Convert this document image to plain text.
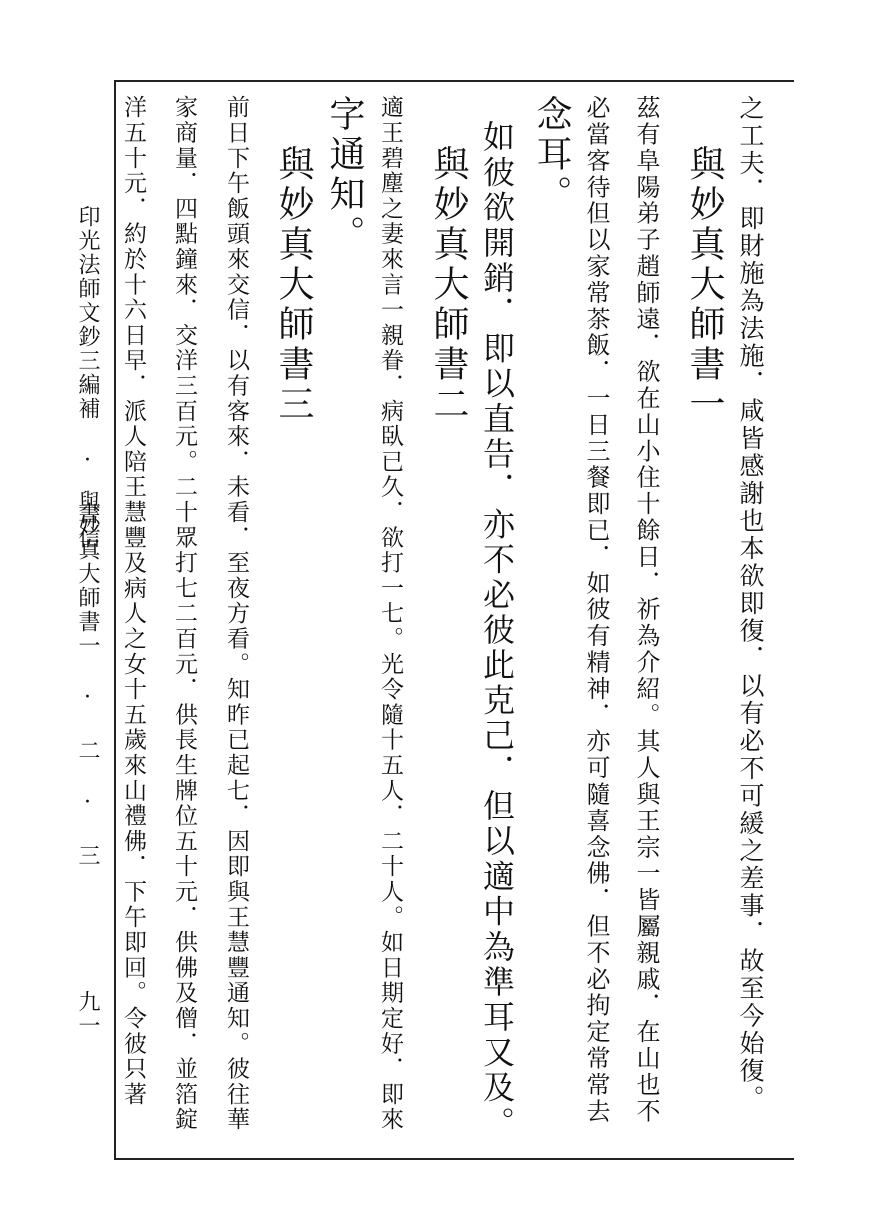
之工夫．即財施為法施．咸皆感謝也本欲即復．以有必不可緩之差事．故至今始復。
與妙真大師書一
茲有阜陽弟子趙師遠．欲在山小住十餘日．祈為介紹。其人與王宗一皆屬親戚．在山也不
必當客待但以家常茶飯．一日三餐即已．如彼有精神．亦可隨喜念佛．但不必拘定常常去
念耳。
如彼欲開銷．即以直告．亦不必彼此克己．但以適中為準耳又及。
與妙真大師書二
適王碧塵之妻來言一親眷．病臥已久．欲打一七。光令隨十五人．二十人。如日期定好．即來
字通知。
與妙真大師書三
前日下午飯頭來交信．以有客來．未看．至夜方看。知昨已起七．因即與王慧豐通知。彼往華
家商量．四點鐘來．交洋三百元。二十眾打七二百元．供長生牌位五十元．供佛及僧．並箔錠
洋五十元．約於十六日早．派人陪王慧豐及病人之女十五歲來山禮佛．下午即回。令彼只著
印光法師文鈔三編補 · 書信
與妙真大師書一 · 二 · 三
九一
